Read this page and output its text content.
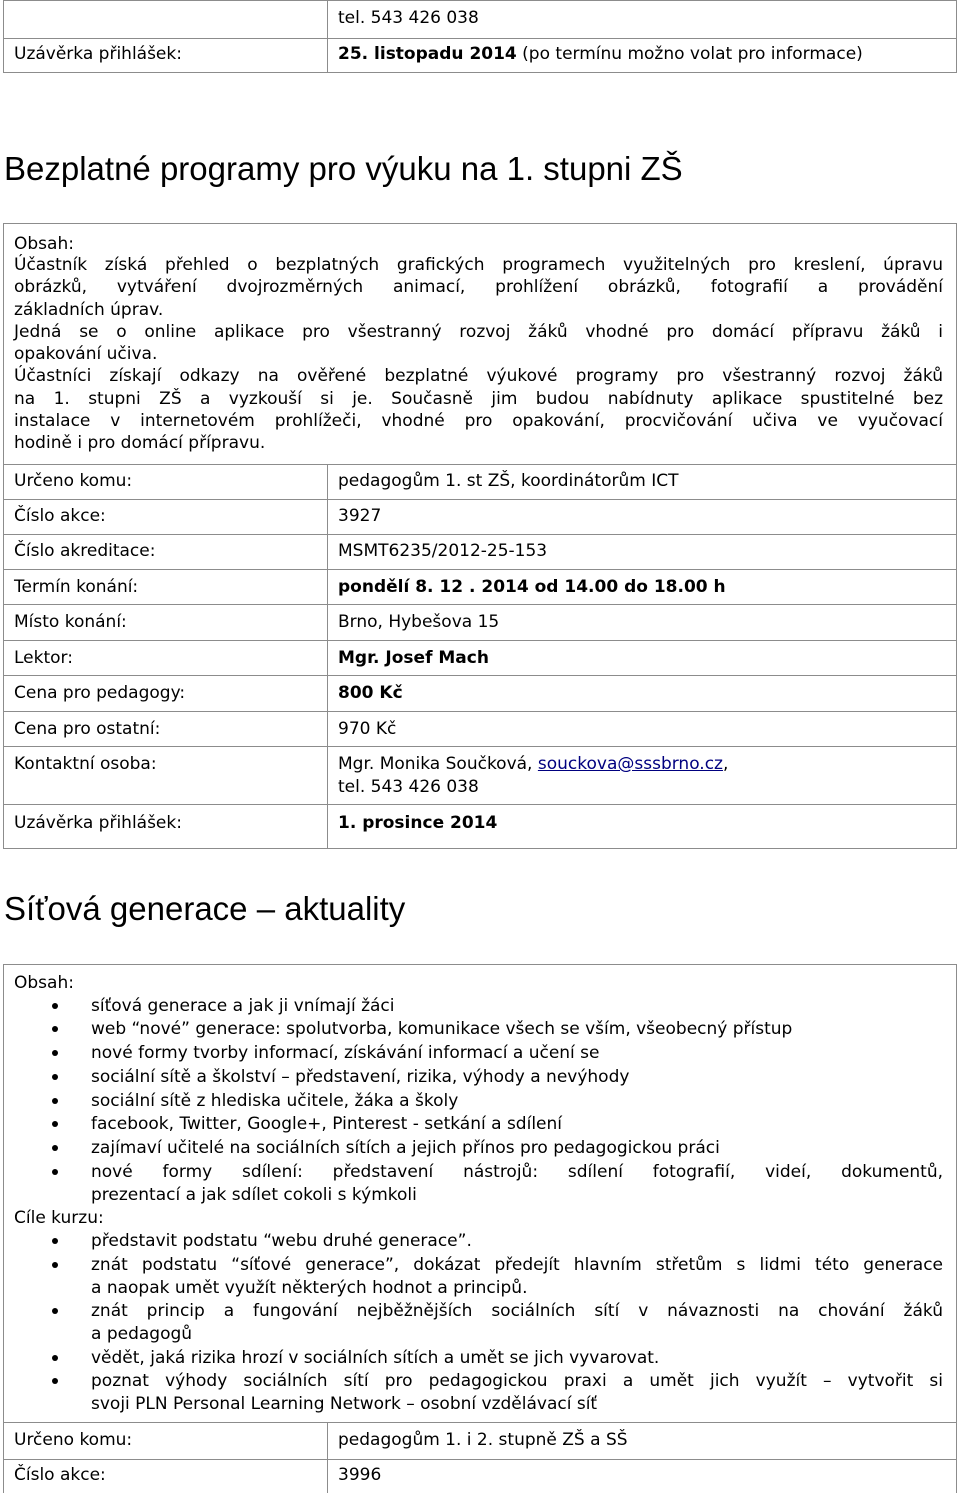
tel. 543 426 038
Uzávěrka přihlášek:	25. listopadu 2014 (po termínu možno volat pro informace)
Bezplatné programy pro výuku na 1. stupni ZŠ
Obsah:
Účastník získá přehled o bezplatných grafických programech využitelných pro kreslení, úpravu
obrázků, vytváření dvojrozměrných animací, prohlížení obrázků, fotografií a provádění
základních úprav.
Jedná se o online aplikace pro všestranný rozvoj žáků vhodné pro domácí přípravu žáků i
opakování učiva.
Účastníci získají odkazy na ověřené bezplatné výukové programy pro všestranný rozvoj žáků
na 1. stupni ZŠ a vyzkouší si je. Současně jim budou nabídnuty aplikace spustitelné bez
instalace v internetovém prohlížeči, vhodné pro opakování, procvičování učiva ve vyučovací
hodině i pro domácí přípravu.
Určeno komu:	pedagogům 1. st ZŠ, koordinátorům ICT
Číslo akce:	3927
Číslo akreditace:	MSMT6235/2012-25-153
Termín konání:	pondělí 8. 12 . 2014 od 14.00 do 18.00 h
Místo konání:	Brno, Hybešova 15
Lektor:	Mgr. Josef Mach
Cena pro pedagogy:	800 Kč
Cena pro ostatní:	970 Kč
Kontaktní osoba:	Mgr. Monika Součková, souckova@sssbrno.cz,
tel. 543 426 038
Uzávěrka přihlášek:	1. prosince 2014
Síťová generace – aktuality
Obsah:
síťová generace a jak ji vnímají žáci
web “nové” generace: spolutvorba, komunikace všech se vším, všeobecný přístup
nové formy tvorby informací, získávání informací a učení se
sociální sítě a školství – představení, rizika, výhody a nevýhody
sociální sítě z hlediska učitele, žáka a školy
facebook, Twitter, Google+, Pinterest - setkání a sdílení
zajímaví učitelé na sociálních sítích a jejich přínos pro pedagogickou práci
nové formy sdílení: představení nástrojů: sdílení fotografií, videí, dokumentů,
prezentací a jak sdílet cokoli s kýmkoli
Cíle kurzu:
představit podstatu “webu druhé generace”.
znát podstatu “síťové generace”, dokázat předejít hlavním střetům s lidmi této generace
a naopak umět využít některých hodnot a principů.
znát princip a fungování nejběžnějších sociálních sítí v návaznosti na chování žáků
a pedagogů
vědět, jaká rizika hrozí v sociálních sítích a umět se jich vyvarovat.
poznat výhody sociálních sítí pro pedagogickou praxi a umět jich využít – vytvořit si
svoji PLN Personal Learning Network – osobní vzdělávací síť
Určeno komu:	pedagogům 1. i 2. stupně ZŠ a SŠ
Číslo akce:	3996
